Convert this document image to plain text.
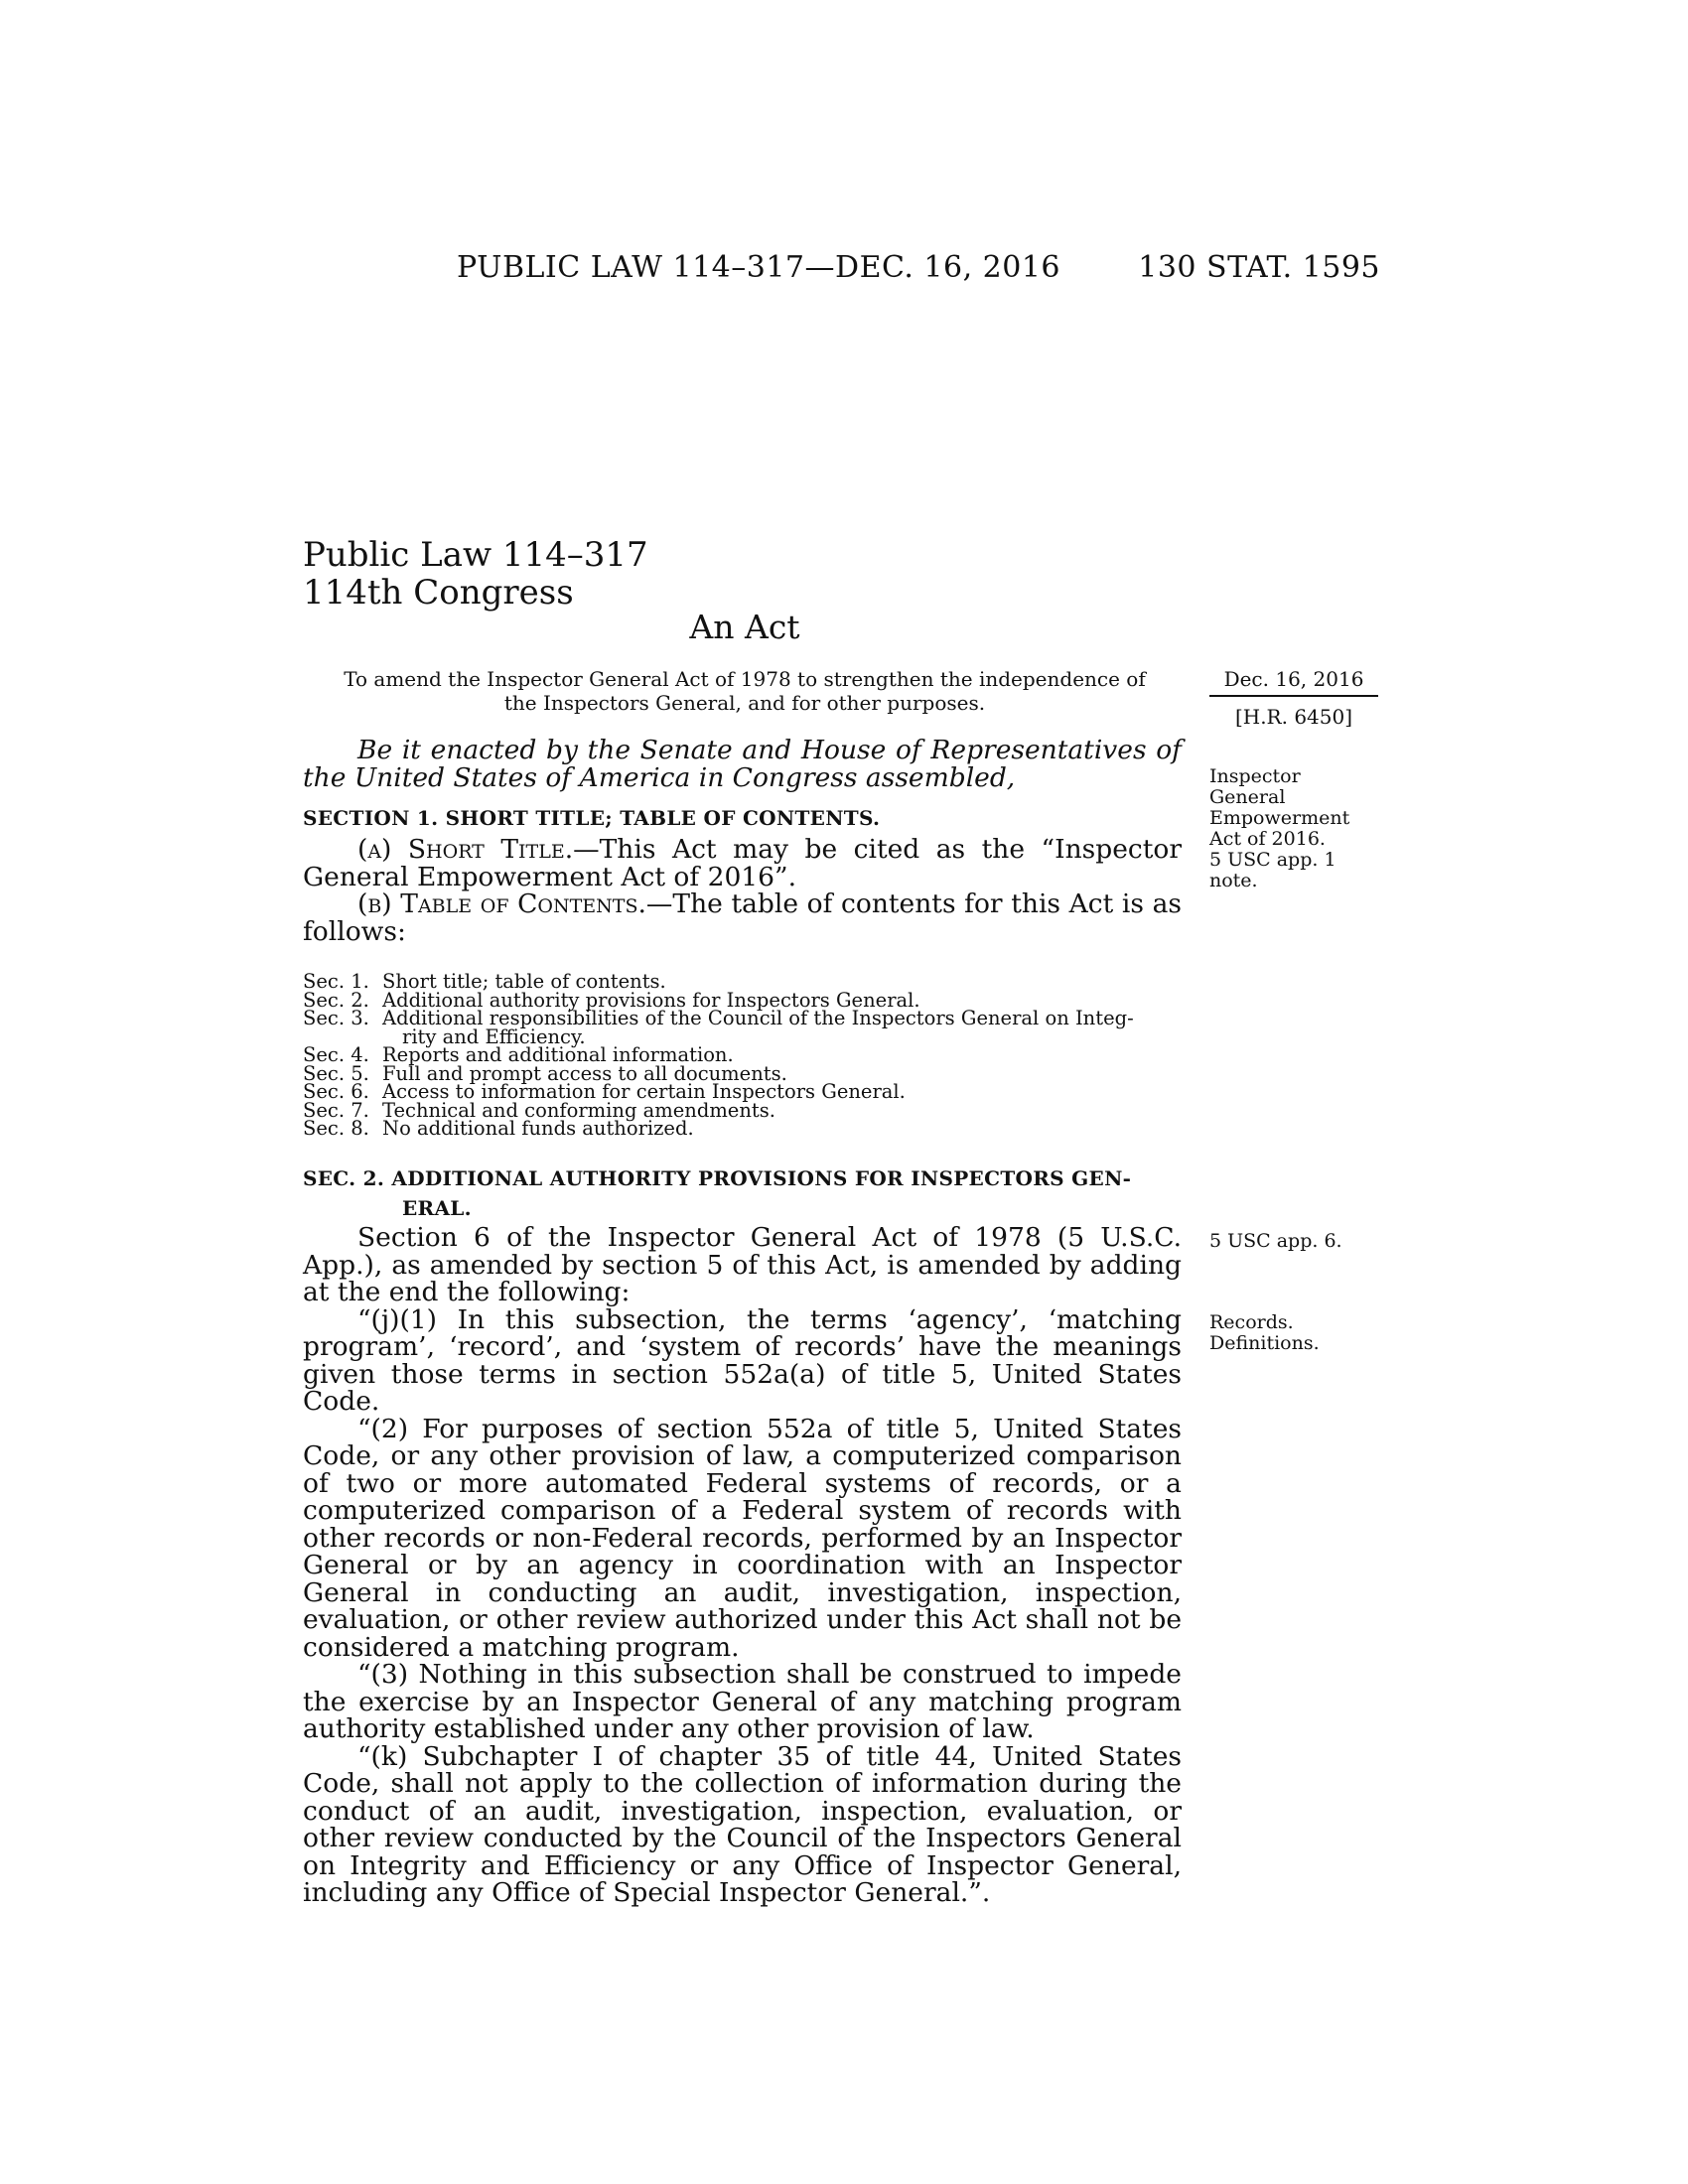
PUBLIC LAW 114–317—DEC. 16, 2016	130 STAT. 1595
Public Law 114–317
114th Congress
An Act
To amend the Inspector General Act of 1978 to strengthen the independence of the Inspectors General, and for other purposes.
Dec. 16, 2016
[H.R. 6450]
Inspector
General
Empowerment
Act of 2016.
5 USC app. 1
note.
5 USC app. 6.
Records.
Definitions.

Be it enacted by the Senate and House of Representatives of the United States of America in Congress assembled,

SECTION 1. SHORT TITLE; TABLE OF CONTENTS.

(a) Short Title.—This Act may be cited as the “Inspector General Empowerment Act of 2016”.

(b) Table of Contents.—The table of contents for this Act is as follows:

Sec. 1. Short title; table of contents.
Sec. 2. Additional authority provisions for Inspectors General.
Sec. 3. Additional responsibilities of the Council of the Inspectors General on Integ-
rity and Efficiency.
Sec. 4. Reports and additional information.
Sec. 5. Full and prompt access to all documents.
Sec. 6. Access to information for certain Inspectors General.
Sec. 7. Technical and conforming amendments.
Sec. 8. No additional funds authorized.
SEC. 2. ADDITIONAL AUTHORITY PROVISIONS FOR INSPECTORS GEN-
ERAL.

Section 6 of the Inspector General Act of 1978 (5 U.S.C. App.), as amended by section 5 of this Act, is amended by adding at the end the following:

“(j)(1) In this subsection, the terms ‘agency’, ‘matching program’, ‘record’, and ‘system of records’ have the meanings given those terms in section 552a(a) of title 5, United States Code.

“(2) For purposes of section 552a of title 5, United States Code, or any other provision of law, a computerized comparison of two or more automated Federal systems of records, or a computerized comparison of a Federal system of records with other records or non-Federal records, performed by an Inspector General or by an agency in coordination with an Inspector General in conducting an audit, investigation, inspection, evaluation, or other review authorized under this Act shall not be considered a matching program.

“(3) Nothing in this subsection shall be construed to impede the exercise by an Inspector General of any matching program authority established under any other provision of law.

“(k) Subchapter I of chapter 35 of title 44, United States Code, shall not apply to the collection of information during the conduct of an audit, investigation, inspection, evaluation, or other review conducted by the Council of the Inspectors General on Integrity and Efficiency or any Office of Inspector General, including any Office of Special Inspector General.”.
